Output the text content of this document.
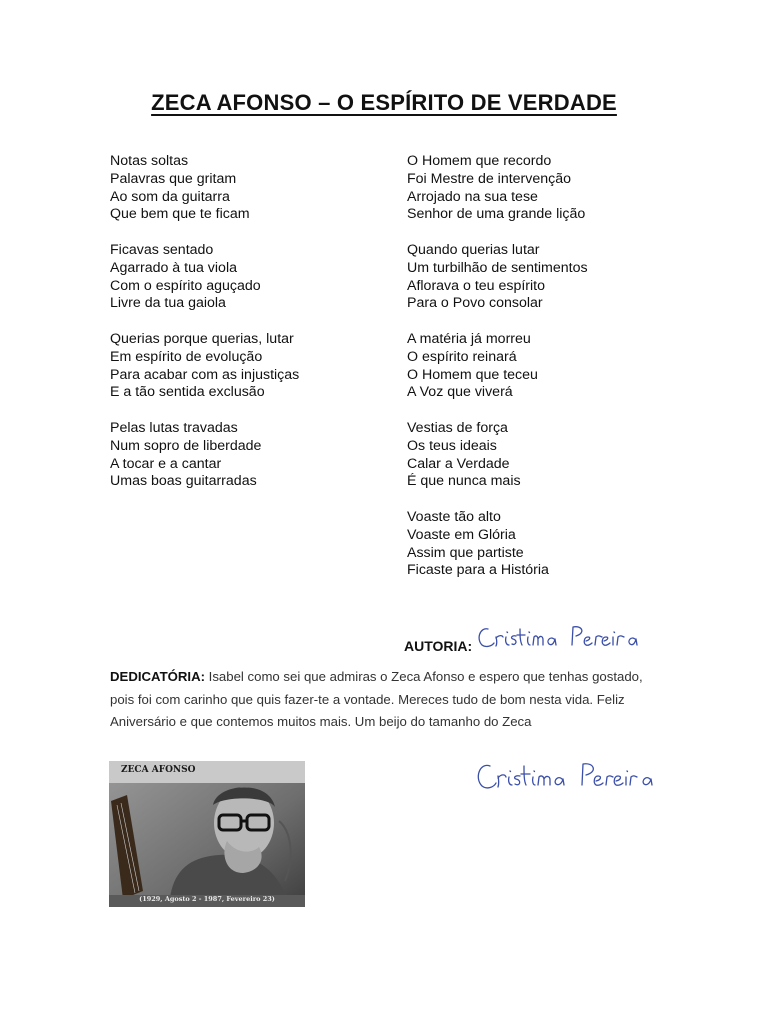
ZECA AFONSO – O ESPÍRITO DE VERDADE
Notas soltas
Palavras que gritam
Ao som da guitarra
Que bem que te ficam
Ficavas sentado
Agarrado à tua viola
Com o espírito aguçado
Livre da tua gaiola
Querias porque querias, lutar
Em espírito de evolução
Para acabar com as injustiças
E a tão sentida exclusão
Pelas lutas travadas
Num sopro de liberdade
A tocar e a cantar
Umas boas guitarradas
O Homem que recordo
Foi Mestre de intervenção
Arrojado na sua tese
Senhor de uma grande lição
Quando querias lutar
Um turbilhão de sentimentos
Aflorava o teu espírito
Para o Povo consolar
A matéria já morreu
O espírito reinará
O Homem que teceu
A Voz que viverá
Vestias de força
Os teus ideais
Calar a Verdade
É que nunca mais
Voaste tão alto
Voaste em Glória
Assim que partiste
Ficaste para a História
AUTORIA:
DEDICATÓRIA: Isabel como sei que admiras o Zeca Afonso e espero que tenhas gostado, pois foi com carinho que quis fazer-te a vontade. Mereces tudo de bom nesta vida. Feliz Aniversário e que contemos muitos mais. Um beijo do tamanho do Zeca
ZECA AFONSO
(1929, Agosto 2 - 1987, Fevereiro 23)
